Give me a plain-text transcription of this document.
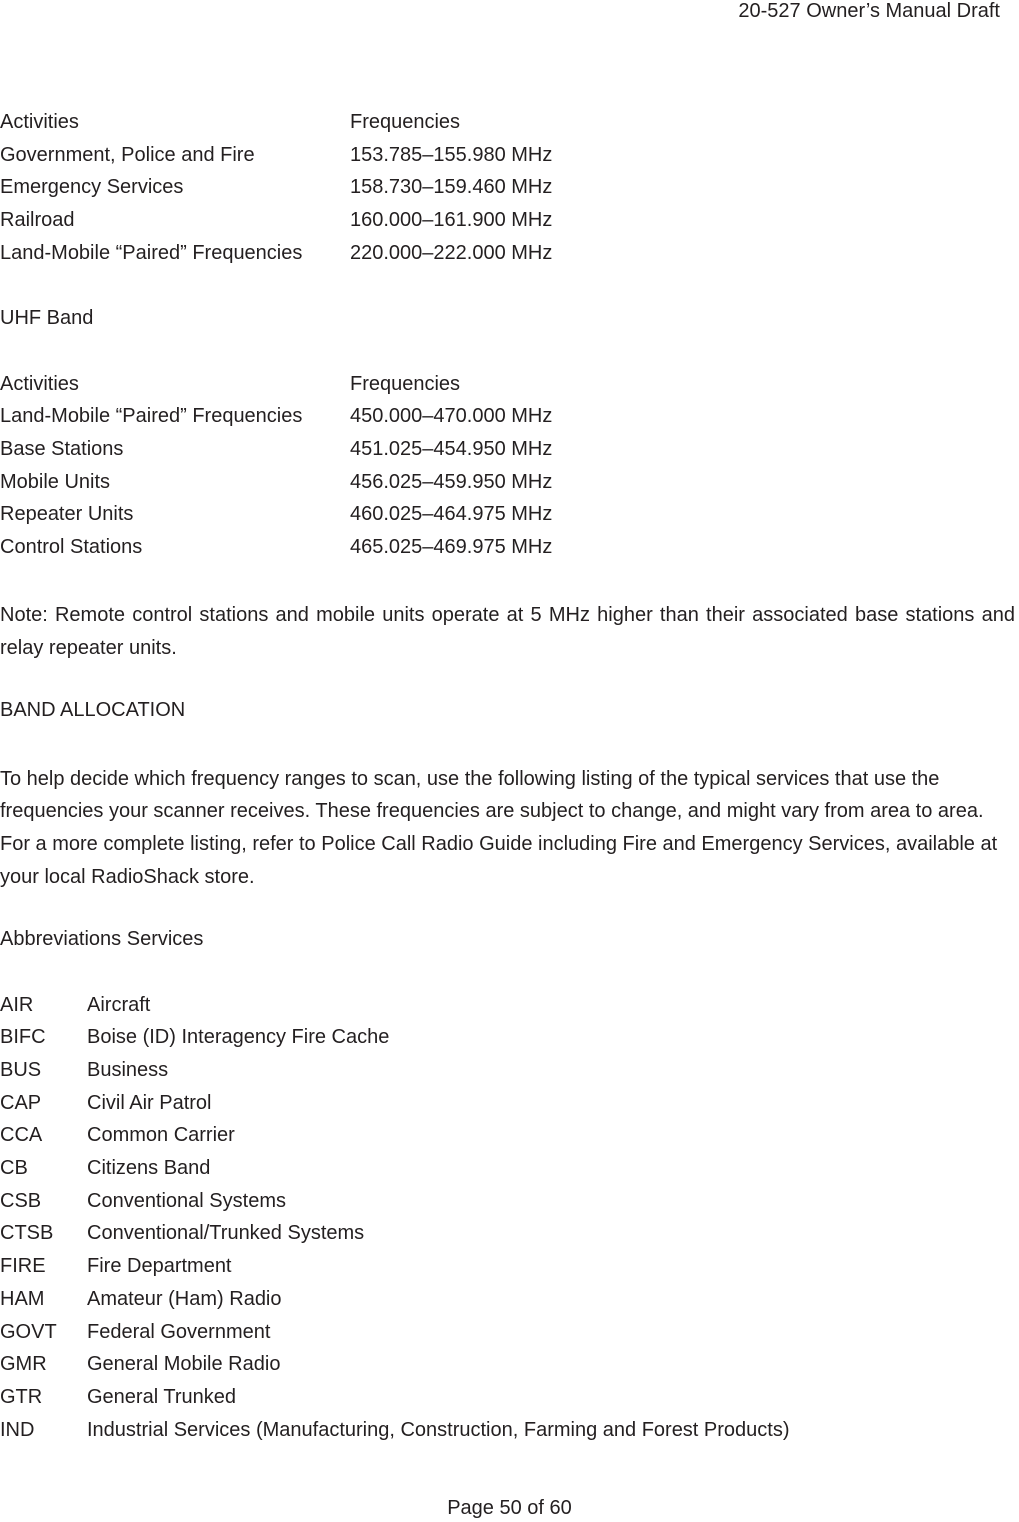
20-527 Owner’s Manual Draft
Activities	Frequencies
Government, Police and Fire	153.785–155.980 MHz
Emergency Services	158.730–159.460 MHz
Railroad	160.000–161.900 MHz
Land-Mobile “Paired” Frequencies	220.000–222.000 MHz
UHF Band
Activities	Frequencies
Land-Mobile “Paired” Frequencies	450.000–470.000 MHz
Base Stations	451.025–454.950 MHz
Mobile Units	456.025–459.950 MHz
Repeater Units	460.025–464.975 MHz
Control Stations	465.025–469.975 MHz

Note: Remote control stations and mobile units operate at 5 MHz higher than their associated base stations and relay repeater units.

BAND ALLOCATION

To help decide which frequency ranges to scan, use the following listing of the typical services that use the frequencies your scanner receives. These frequencies are subject to change, and might vary from area to area. For a more complete listing, refer to Police Call Radio Guide including Fire and Emergency Services, available at your local RadioShack store.

Abbreviations Services
AIR	Aircraft
BIFC	Boise (ID) Interagency Fire Cache
BUS	Business
CAP	Civil Air Patrol
CCA	Common Carrier
CB	Citizens Band
CSB	Conventional Systems
CTSB	Conventional/Trunked Systems
FIRE	Fire Department
HAM	Amateur (Ham) Radio
GOVT	Federal Government
GMR	General Mobile Radio
GTR	General Trunked
IND	Industrial Services (Manufacturing, Construction, Farming and Forest Products)
Page 50 of 60
